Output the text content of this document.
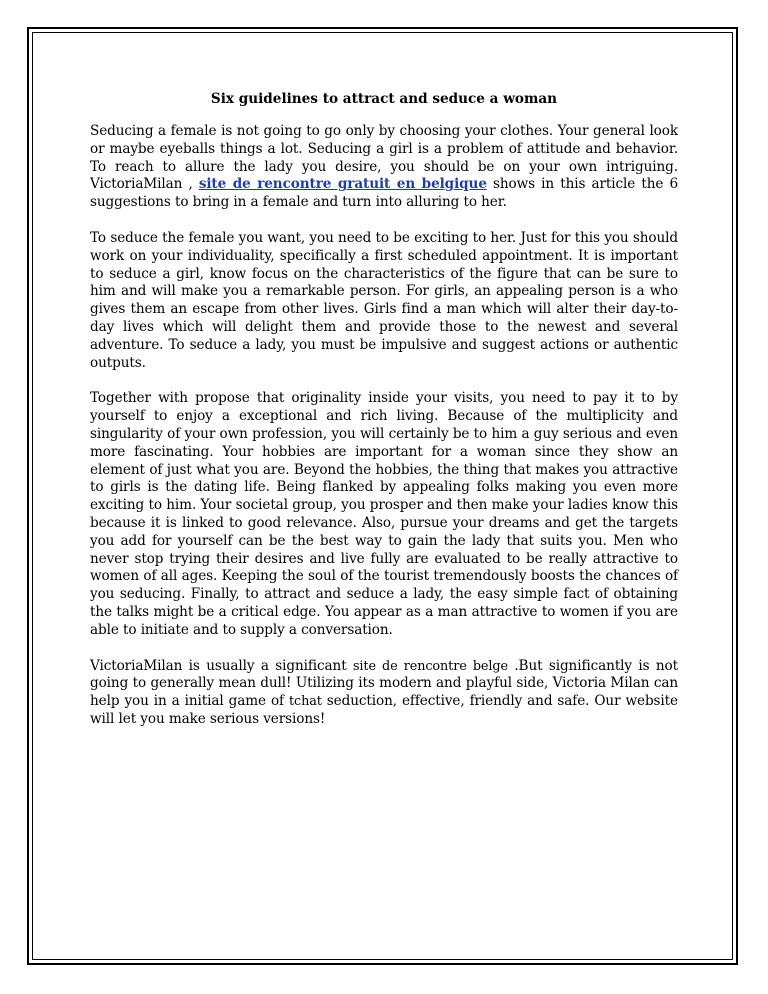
Six guidelines to attract and seduce a woman

Seducing a female is not going to go only by choosing your clothes. Your general look or maybe eyeballs things a lot. Seducing a girl is a problem of attitude and behavior. To reach to allure the lady you desire, you should be on your own intriguing. VictoriaMilan , site de rencontre gratuit en belgique shows in this article the 6 suggestions to bring in a female and turn into alluring to her.

To seduce the female you want, you need to be exciting to her. Just for this you should work on your individuality, specifically a first scheduled appointment. It is important to seduce a girl, know focus on the characteristics of the figure that can be sure to him and will make you a remarkable person. For girls, an appealing person is a who gives them an escape from other lives. Girls find a man which will alter their day-to-day lives which will delight them and provide those to the newest and several adventure. To seduce a lady, you must be impulsive and suggest actions or authentic outputs.

Together with propose that originality inside your visits, you need to pay it to by yourself to enjoy a exceptional and rich living. Because of the multiplicity and singularity of your own profession, you will certainly be to him a guy serious and even more fascinating. Your hobbies are important for a woman since they show an element of just what you are. Beyond the hobbies, the thing that makes you attractive to girls is the dating life. Being flanked by appealing folks making you even more exciting to him. Your societal group, you prosper and then make your ladies know this because it is linked to good relevance. Also, pursue your dreams and get the targets you add for yourself can be the best way to gain the lady that suits you. Men who never stop trying their desires and live fully are evaluated to be really attractive to women of all ages. Keeping the soul of the tourist tremendously boosts the chances of you seducing. Finally, to attract and seduce a lady, the easy simple fact of obtaining the talks might be a critical edge. You appear as a man attractive to women if you are able to initiate and to supply a conversation.

VictoriaMilan is usually a significant site de rencontre belge .But significantly is not going to generally mean dull! Utilizing its modern and playful side, Victoria Milan can help you in a initial game of tchat seduction, effective, friendly and safe. Our website will let you make serious versions!
